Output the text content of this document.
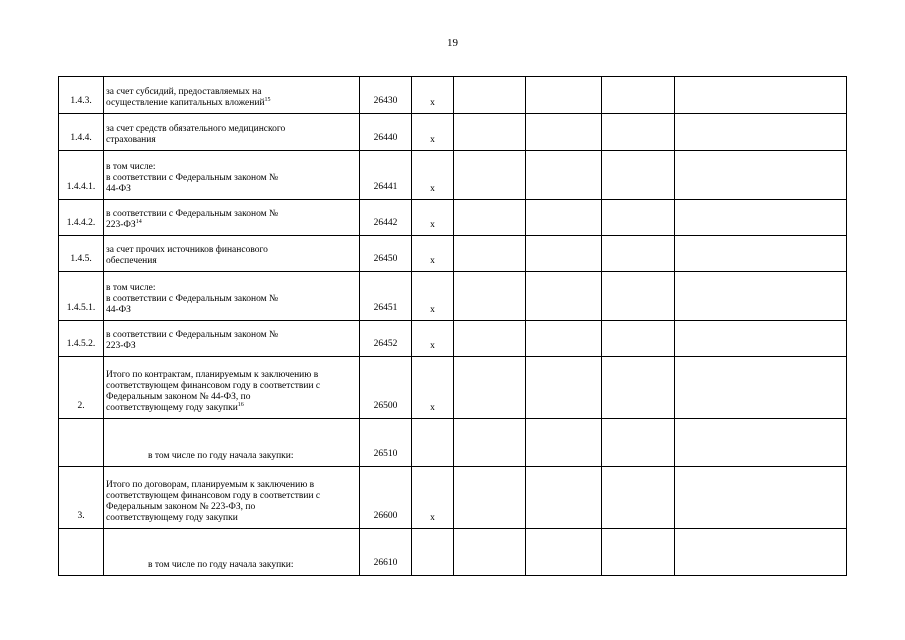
19
1.4.3.	за счет субсидий, предоставляемых на
осуществление капитальных вложений$^{15}$	26430	х				
1.4.4.	за счет средств обязательного медицинского
страхования	26440	х				
1.4.4.1.	в том числе:
в соответствии с Федеральным законом №
44-ФЗ	26441	х				
1.4.4.2.	в соответствии с Федеральным законом №
223-ФЗ$^{14}$	26442	х				
1.4.5.	за счет прочих источников финансового
обеспечения	26450	х				
1.4.5.1.	в том числе:
в соответствии с Федеральным законом №
44-ФЗ	26451	х				
1.4.5.2.	в соответствии с Федеральным законом №
223-ФЗ	26452	х				
2.	Итого по контрактам, планируемым к заключению в
соответствующем финансовом году в соответствии с
Федеральным законом № 44-ФЗ, по
соответствующему году закупки$^{16}$	26500	х				

	в том числе по году начала закупки:	26510					
3.	Итого по договорам, планируемым к заключению в
соответствующем финансовом году в соответствии с
Федеральным законом № 223-ФЗ, по
соответствующему году закупки	26600	х				

	в том числе по году начала закупки:	26610					
